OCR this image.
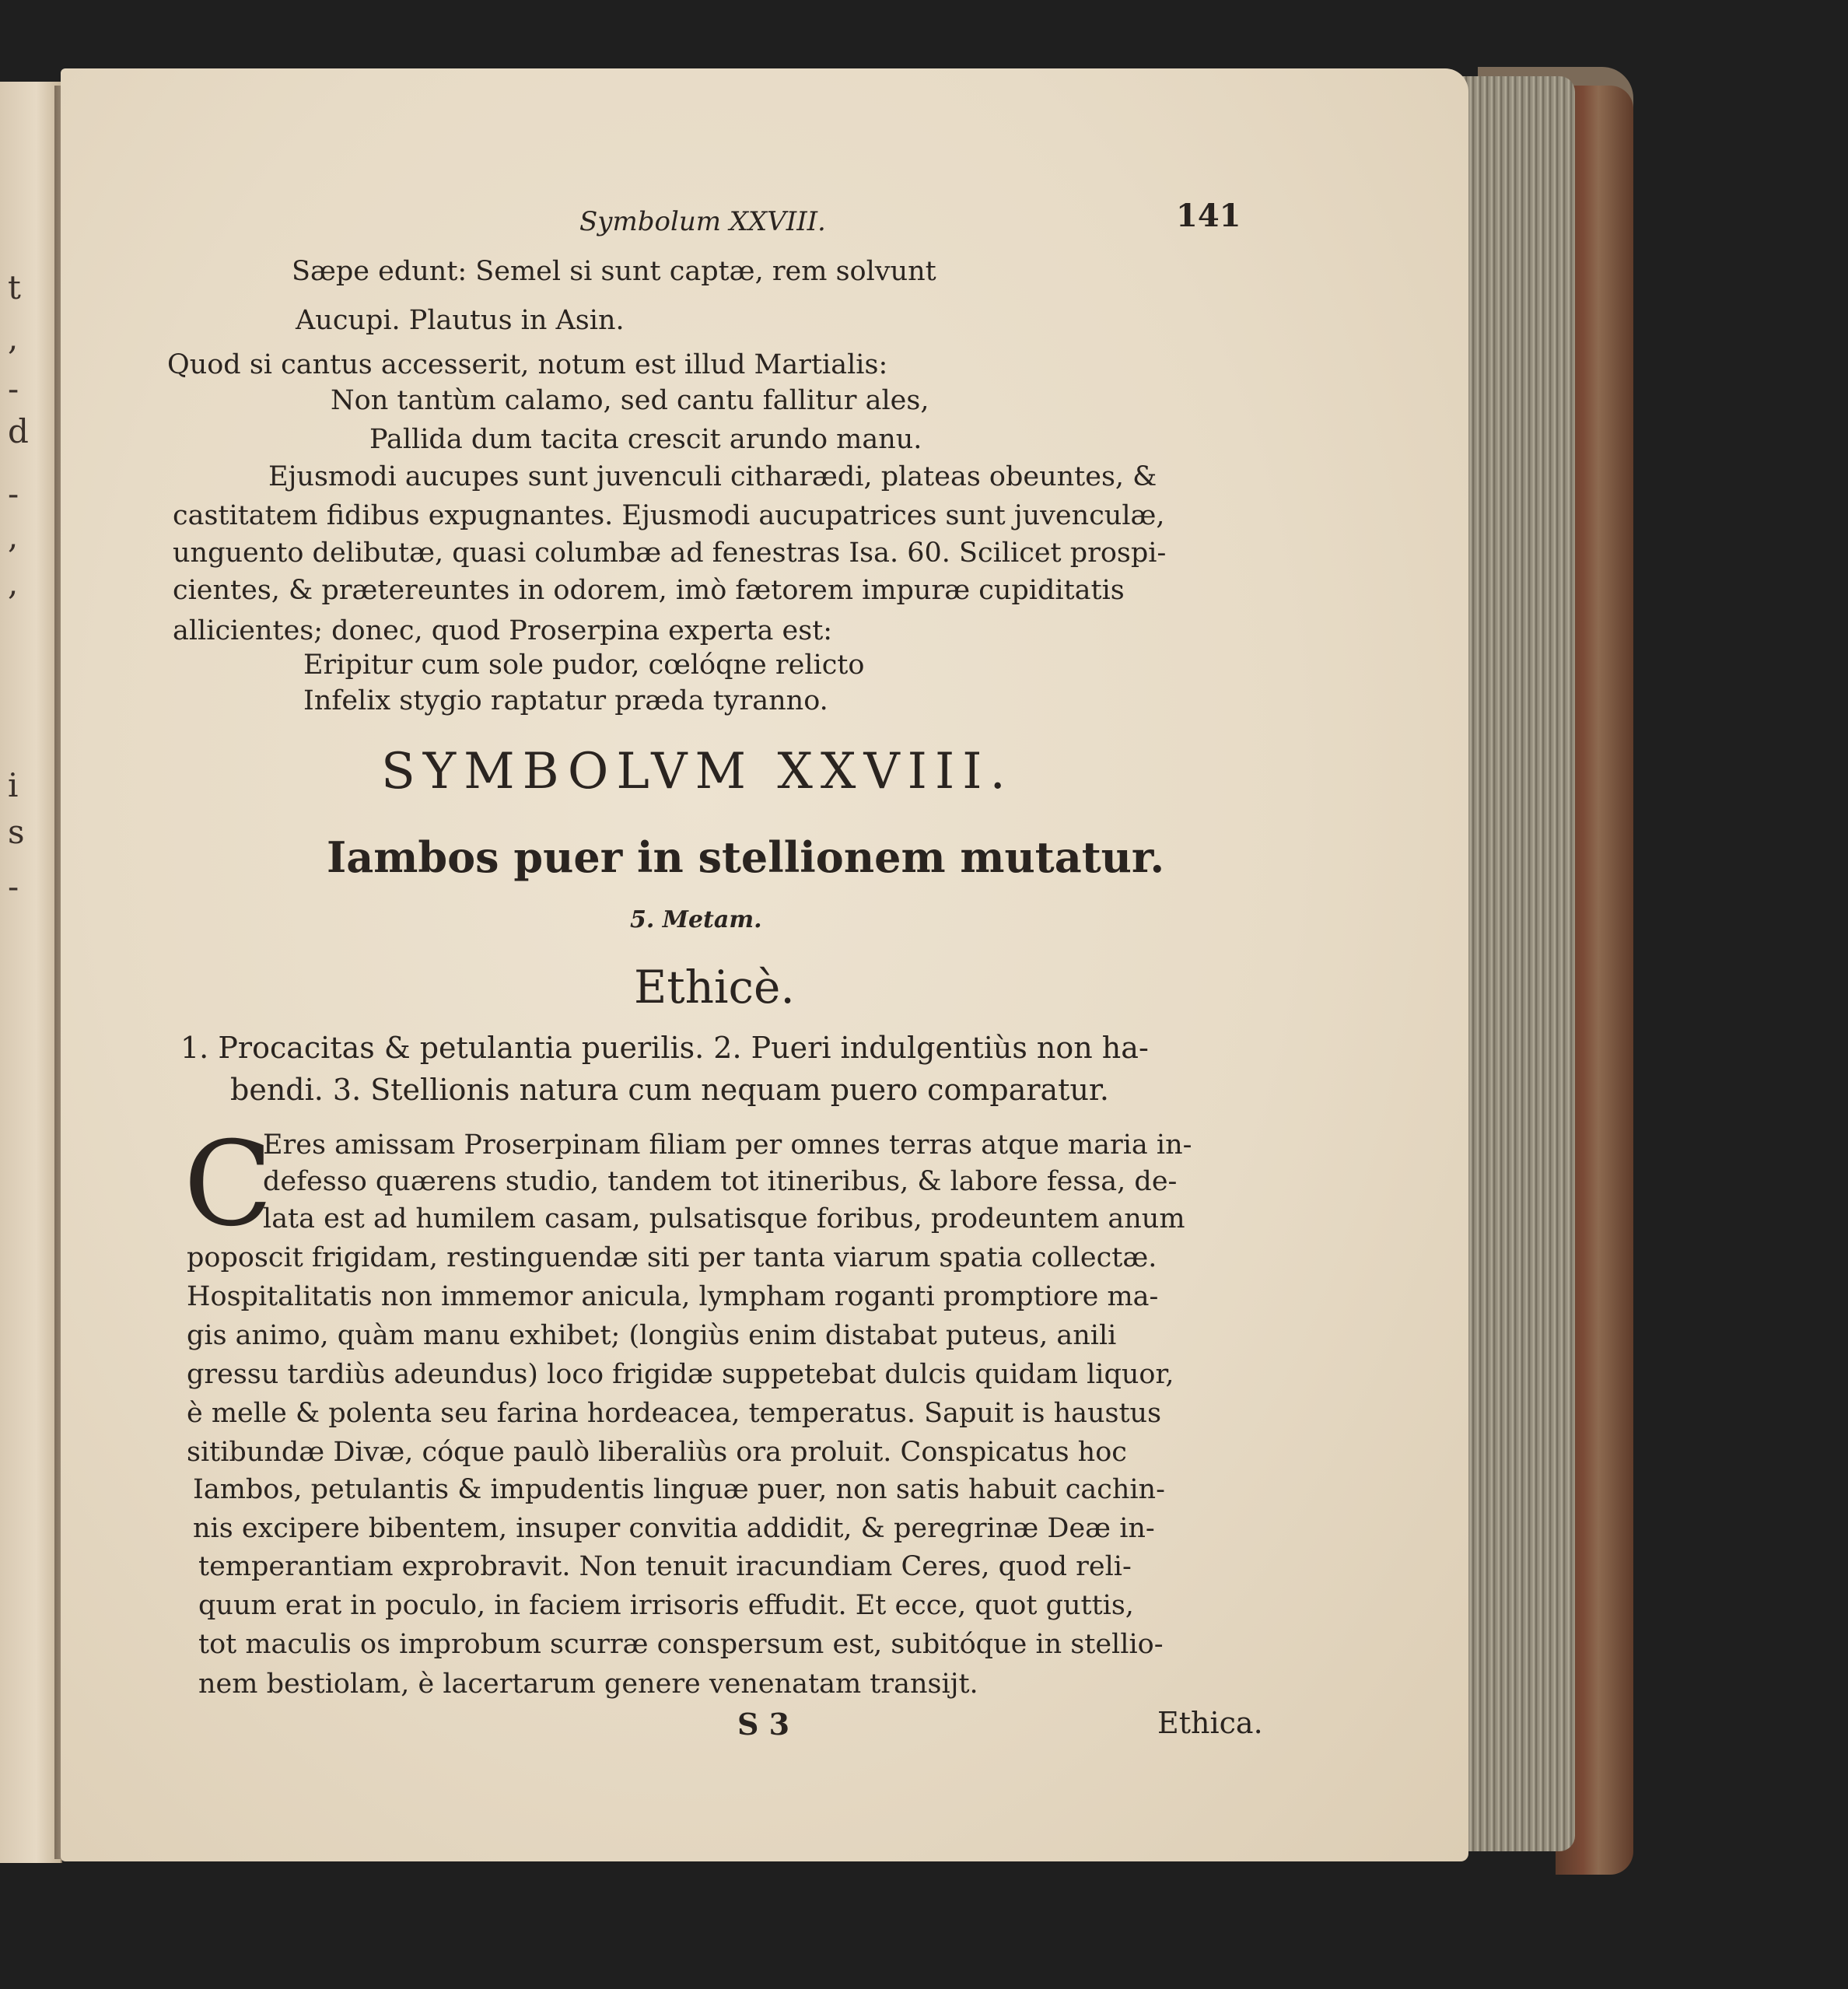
t
,
-
d
-
,
,
i
s
-
Symbolum XXVIII.	141
Sæpe edunt: Semel si sunt captæ, rem solvunt
Aucupi. Plautus in Asin.
Quod si cantus accesserit, notum est illud Martialis:
Non tantùm calamo, sed cantu fallitur ales,
Pallida dum tacita crescit arundo manu.
Ejusmodi aucupes sunt juvenculi citharædi, plateas obeuntes, &
castitatem fidibus expugnantes. Ejusmodi aucupatrices sunt juvenculæ,
unguento delibutæ, quasi columbæ ad fenestras Isa. 60. Scilicet prospi-
cientes, & prætereuntes in odorem, imò fætorem impuræ cupiditatis
allicientes; donec, quod Proserpina experta est:
Eripitur cum sole pudor, cœlóqne relicto
Infelix stygio raptatur præda tyranno.
SYMBOLVM XXVIII.
Iambos puer in stellionem mutatur.
5. Metam.
Ethicè.
1. Procacitas & petulantia puerilis. 2. Pueri indulgentiùs non ha-
bendi. 3. Stellionis natura cum nequam puero comparatur.
C
Eres amissam Proserpinam filiam per omnes terras atque maria in-
defesso quærens studio, tandem tot itineribus, & labore fessa, de-
lata est ad humilem casam, pulsatisque foribus, prodeuntem anum
poposcit frigidam, restinguendæ siti per tanta viarum spatia collectæ.
Hospitalitatis non immemor anicula, lympham roganti promptiore ma-
gis animo, quàm manu exhibet; (longiùs enim distabat puteus, anili
gressu tardiùs adeundus) loco frigidæ suppetebat dulcis quidam liquor,
è melle & polenta seu farina hordeacea, temperatus. Sapuit is haustus
sitibundæ Divæ, cóque paulò liberaliùs ora proluit. Conspicatus hoc
Iambos, petulantis & impudentis linguæ puer, non satis habuit cachin-
nis excipere bibentem, insuper convitia addidit, & peregrinæ Deæ in-
temperantiam exprobravit. Non tenuit iracundiam Ceres, quod reli-
quum erat in poculo, in faciem irrisoris effudit. Et ecce, quot guttis,
tot maculis os improbum scurræ conspersum est, subitóque in stellio-
nem bestiolam, è lacertarum genere venenatam transijt.
S 3	Ethica.
